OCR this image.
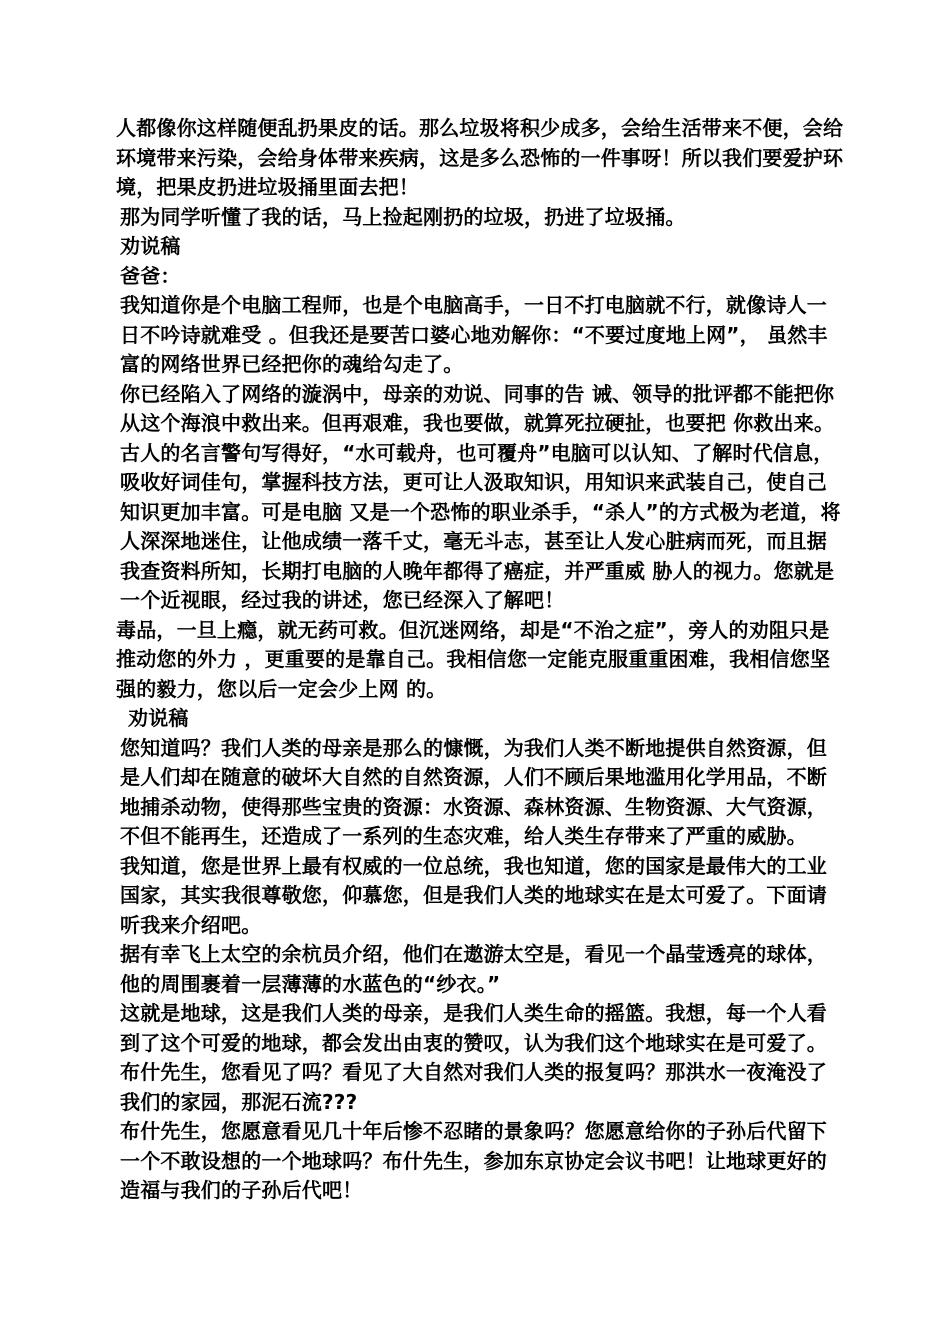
人都像你这样随便乱扔果皮的话。那么垃圾将积少成多，会给生活带来不便，会给环境带来污染，会给身体带来疾病，这是多么恐怖的一件事呀！所以我们要爱护环境，把果皮扔进垃圾捅里面去把！

那为同学听懂了我的话，马上捡起刚扔的垃圾，扔进了垃圾捅。

劝说稿

爸爸：

我知道你是个电脑工程师，也是个电脑高手，一日不打电脑就不行，就像诗人一日不吟诗就难受 。但我还是要苦口婆心地劝解你：“不要过度地上网”， 虽然丰富的网络世界已经把你的魂给勾走了。

你已经陷入了网络的漩涡中，母亲的劝说、同事的告 诫、领导的批评都不能把你从这个海浪中救出来。但再艰难，我也要做，就算死拉硬扯，也要把 你救出来。古人的名言警句写得好，“水可载舟，也可覆舟”电脑可以认知、了解时代信息，吸收好词佳句，掌握科技方法，更可让人汲取知识，用知识来武装自己，使自己知识更加丰富。可是电脑 又是一个恐怖的职业杀手，“杀人”的方式极为老道，将人深深地迷住，让他成绩一落千丈，毫无斗志，甚至让人发心脏病而死，而且据我查资料所知，长期打电脑的人晚年都得了癌症，并严重威 胁人的视力。您就是一个近视眼，经过我的讲述，您已经深入了解吧！

毒品，一旦上瘾，就无药可救。但沉迷网络，却是“不治之症”，旁人的劝阻只是推动您的外力 ，更重要的是靠自己。我相信您一定能克服重重困难，我相信您坚强的毅力，您以后一定会少上网 的。

劝说稿

您知道吗？我们人类的母亲是那么的慷慨，为我们人类不断地提供自然资源，但是人们却在随意的破坏大自然的自然资源，人们不顾后果地滥用化学用品，不断地捕杀动物，使得那些宝贵的资源：水资源、森林资源、生物资源、大气资源，不但不能再生，还造成了一系列的生态灾难，给人类生存带来了严重的威胁。

我知道，您是世界上最有权威的一位总统，我也知道，您的国家是最伟大的工业国家，其实我很尊敬您，仰慕您，但是我们人类的地球实在是太可爱了。下面请听我来介绍吧。

据有幸飞上太空的余杭员介绍，他们在遨游太空是，看见一个晶莹透亮的球体，他的周围裹着一层薄薄的水蓝色的“纱衣。”

这就是地球，这是我们人类的母亲，是我们人类生命的摇篮。我想，每一个人看到了这个可爱的地球，都会发出由衷的赞叹，认为我们这个地球实在是可爱了。

布什先生，您看见了吗？看见了大自然对我们人类的报复吗？那洪水一夜淹没了我们的家园，那泥石流???

布什先生，您愿意看见几十年后惨不忍睹的景象吗？您愿意给你的子孙后代留下一个不敢设想的一个地球吗？布什先生，参加东京协定会议书吧！让地球更好的造福与我们的子孙后代吧！
